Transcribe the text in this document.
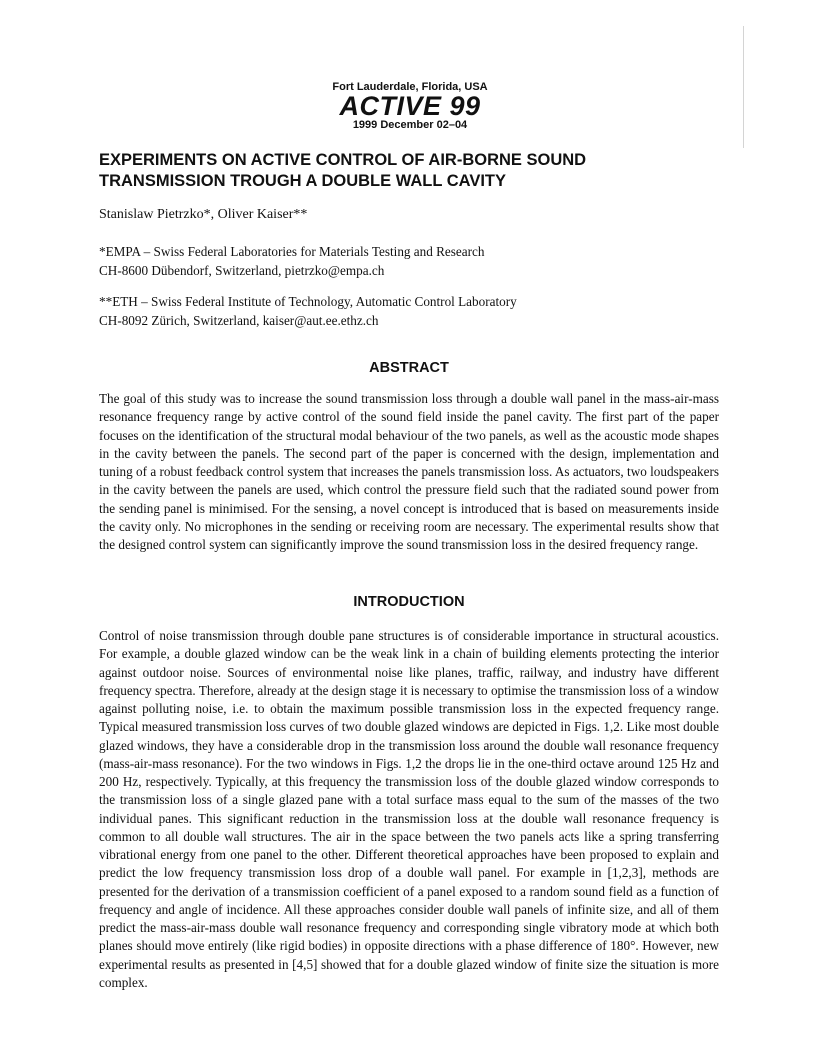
Fort Lauderdale, Florida, USA
ACTIVE 99
1999 December 02–04
EXPERIMENTS ON ACTIVE CONTROL OF AIR-BORNE SOUND
TRANSMISSION TROUGH A DOUBLE WALL CAVITY
Stanislaw Pietrzko*, Oliver Kaiser**
*EMPA – Swiss Federal Laboratories for Materials Testing and Research
CH-8600 Dübendorf, Switzerland, pietrzko@empa.ch
**ETH – Swiss Federal Institute of Technology, Automatic Control Laboratory
CH-8092 Zürich, Switzerland, kaiser@aut.ee.ethz.ch
ABSTRACT

The goal of this study was to increase the sound transmission loss through a double wall panel in the mass-air-mass resonance frequency range by active control of the sound field inside the panel cavity. The first part of the paper focuses on the identification of the structural modal behaviour of the two panels, as well as the acoustic mode shapes in the cavity between the panels. The second part of the paper is concerned with the design, implementation and tuning of a robust feedback control system that increases the panels transmission loss. As actuators, two loudspeakers in the cavity between the panels are used, which control the pressure field such that the radiated sound power from the sending panel is minimised. For the sensing, a novel concept is introduced that is based on measurements inside the cavity only. No microphones in the sending or receiving room are necessary. The experimental results show that the designed control system can significantly improve the sound transmission loss in the desired frequency range.

INTRODUCTION

Control of noise transmission through double pane structures is of considerable importance in structural acoustics. For example, a double glazed window can be the weak link in a chain of building elements protecting the interior against outdoor noise. Sources of environmental noise like planes, traffic, railway, and industry have different frequency spectra. Therefore, already at the design stage it is necessary to optimise the transmission loss of a window against polluting noise, i.e. to obtain the maximum possible transmission loss in the expected frequency range. Typical measured transmission loss curves of two double glazed windows are depicted in Figs. 1,2. Like most double glazed windows, they have a considerable drop in the transmission loss around the double wall resonance frequency (mass-air-mass resonance). For the two windows in Figs. 1,2 the drops lie in the one-third octave around 125 Hz and 200 Hz, respectively. Typically, at this frequency the transmission loss of the double glazed window corresponds to the transmission loss of a single glazed pane with a total surface mass equal to the sum of the masses of the two individual panes. This significant reduction in the transmission loss at the double wall resonance frequency is common to all double wall structures. The air in the space between the two panels acts like a spring transferring vibrational energy from one panel to the other. Different theoretical approaches have been proposed to explain and predict the low frequency transmission loss drop of a double wall panel. For example in [1,2,3], methods are presented for the derivation of a transmission coefficient of a panel exposed to a random sound field as a function of frequency and angle of incidence. All these approaches consider double wall panels of infinite size, and all of them predict the mass-air-mass double wall resonance frequency and corresponding single vibratory mode at which both planes should move entirely (like rigid bodies) in opposite directions with a phase difference of 180°. However, new experimental results as presented in [4,5] showed that for a double glazed window of finite size the situation is more complex.
